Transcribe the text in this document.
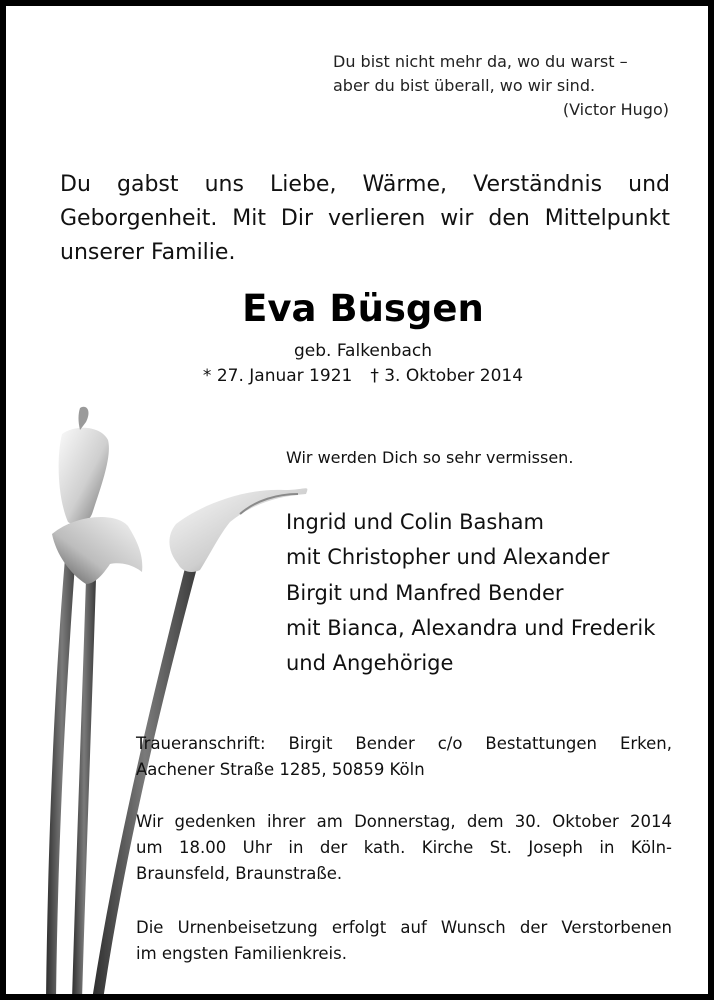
Du bist nicht mehr da, wo du warst –
aber du bist überall, wo wir sind.
(Victor Hugo)
Du gabst uns Liebe, Wärme, Verständnis und
Geborgenheit. Mit Dir verlieren wir den Mittelpunkt
unserer Familie.
Eva Büsgen
geb. Falkenbach
* 27. Januar 1921 † 3. Oktober 2014
Wir werden Dich so sehr vermissen.
Ingrid und Colin Basham
mit Christopher und Alexander
Birgit und Manfred Bender
mit Bianca, Alexandra und Frederik
und Angehörige
Traueranschrift: Birgit Bender c/o Bestattungen Erken,
Aachener Straße 1285, 50859 Köln
Wir gedenken ihrer am Donnerstag, dem 30. Oktober 2014
um 18.00 Uhr in der kath. Kirche St. Joseph in Köln-
Braunsfeld, Braunstraße.
Die Urnenbeisetzung erfolgt auf Wunsch der Verstorbenen
im engsten Familienkreis.
